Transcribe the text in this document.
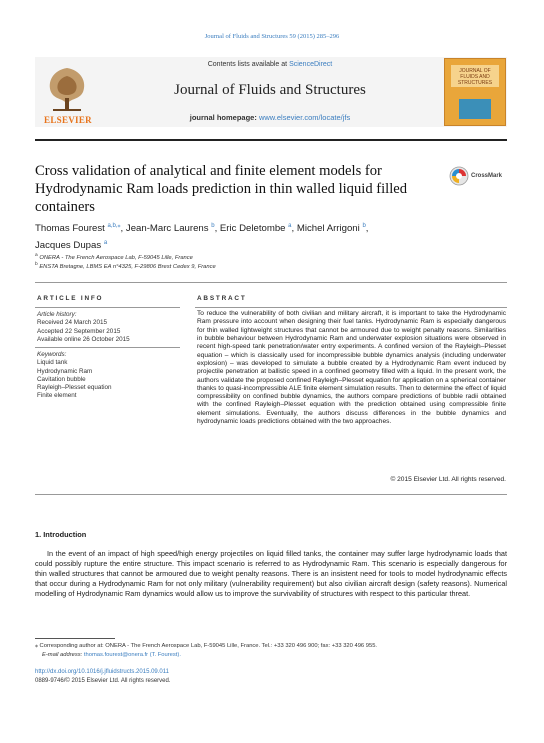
Journal of Fluids and Structures 59 (2015) 285–296
ELSEVIER
Contents lists available at ScienceDirect
Journal of Fluids and Structures
journal homepage: www.elsevier.com/locate/jfs
JOURNAL OF FLUIDS AND STRUCTURES
Cross validation of analytical and finite element models for Hydrodynamic Ram loads prediction in thin walled liquid filled containers
CrossMark
Thomas Fourest $^{a,b,⁎}$, Jean-Marc Laurens $^b$, Eric Deletombe $^a$, Michel Arrigoni $^b$,
Jacques Dupas $^a$
$^a$ ONERA - The French Aerospace Lab, F-59045 Lille, France
$^b$ ENSTA Bretagne, LBMS EA n°4325, F-29806 Brest Cedex 9, France
ARTICLE INFO
Article history:
Received 24 March 2015
Accepted 22 September 2015
Available online 26 October 2015
Keywords:
Liquid tank
Hydrodynamic Ram
Cavitation bubble
Rayleigh–Plesset equation
Finite element
ABSTRACT
To reduce the vulnerability of both civilian and military aircraft, it is important to take the Hydrodynamic Ram pressure into account when designing their fuel tanks. Hydrodynamic Ram is especially dangerous for thin walled lightweight structures that cannot be armoured due to weight penalty reasons. Similarities in bubble behaviour between Hydrodynamic Ram and underwater explosion situations were observed in recent high-speed tank penetration/water entry experiments. A confined version of the Rayleigh–Plesset equation – which is classically used for incompressible bubble dynamics analysis (including underwater explosion) – was developed to simulate a bubble created by a Hydrodynamic Ram event induced by projectile penetration at ballistic speed in a confined geometry filled with a liquid. In the present work, the authors validate the proposed confined Rayleigh–Plesset equation for application on a spherical container thanks to quasi-incompressible ALE finite element simulation results. Then to determine the effect of liquid compressibility on confined bubble dynamics, the authors compare predictions of bubble radii obtained with the confined Rayleigh–Plesset equation with the prediction obtained using compressible finite element simulations. Eventually, the authors discuss differences in the bubble dynamics and hydrodynamic loads predictions obtained with the two approaches.
© 2015 Elsevier Ltd. All rights reserved.
1. Introduction
In the event of an impact of high speed/high energy projectiles on liquid filled tanks, the container may suffer large hydrodynamic loads that could possibly rupture the entire structure. This impact scenario is referred to as Hydrodynamic Ram. This scenario is especially dangerous for thin walled structures that cannot be armoured due to weight penalty reasons. There is an insistent need for tools to model hydrodynamic effects that occur during a Hydrodynamic Ram for not only military (vulnerability requirement) but also civilian aircraft design (safety reasons). Numerical modelling of Hydrodynamic Ram dynamics would allow us to improve the survivability of structures with respect to this particular threat.
⁎ Corresponding author at: ONERA - The French Aerospace Lab, F-59045 Lille, France. Tel.: +33 320 496 900; fax: +33 320 496 955.
E-mail address: thomas.fourest@onera.fr (T. Fourest).
http://dx.doi.org/10.1016/j.jfluidstructs.2015.09.011
0889-9746/© 2015 Elsevier Ltd. All rights reserved.
